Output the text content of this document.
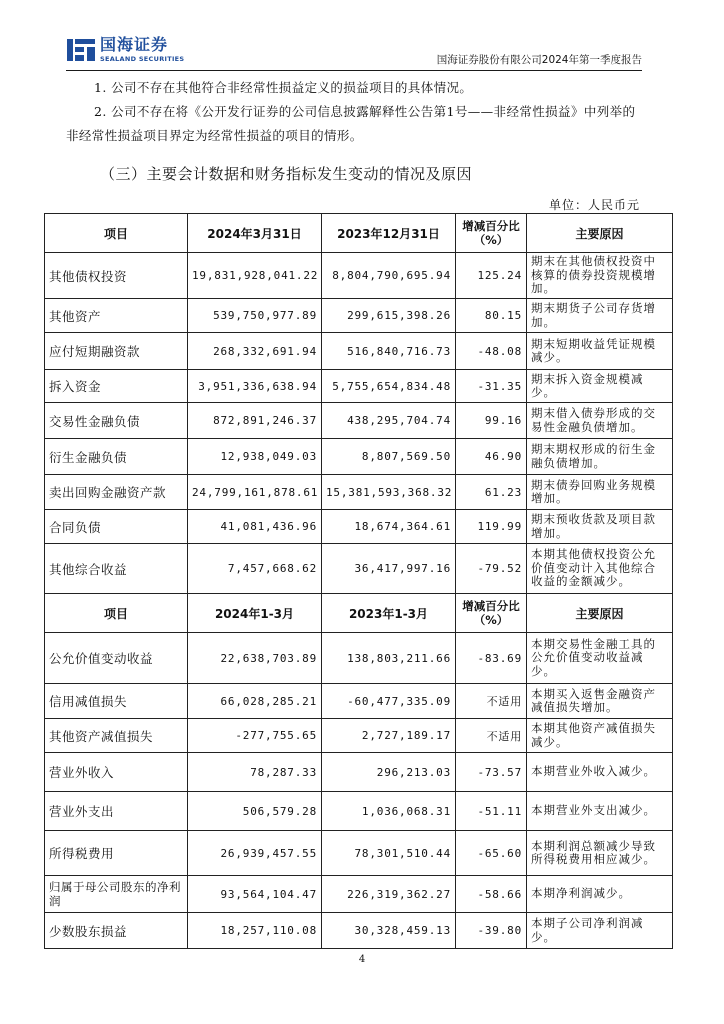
国海证券
SEALAND SECURITIES	国海证券股份有限公司2024年第一季度报告
1. 公司不存在其他符合非经常性损益定义的损益项目的具体情况。
2. 公司不存在将《公开发行证券的公司信息披露解释性公告第1号——非经常性损益》中列举的非经常性损益项目界定为经常性损益的项目的情形。
（三）主要会计数据和财务指标发生变动的情况及原因
单位：人民币元
项目	2024年3月31日	2023年12月31日	增减百分比（%）	主要原因
其他债权投资	19,831,928,041.22	8,804,790,695.94	125.24	期末在其他债权投资中核算的债券投资规模增加。
其他资产	539,750,977.89	299,615,398.26	80.15	期末期货子公司存货增加。
应付短期融资款	268,332,691.94	516,840,716.73	-48.08	期末短期收益凭证规模减少。
拆入资金	3,951,336,638.94	5,755,654,834.48	-31.35	期末拆入资金规模减少。
交易性金融负债	872,891,246.37	438,295,704.74	99.16	期末借入债券形成的交易性金融负债增加。
衍生金融负债	12,938,049.03	8,807,569.50	46.90	期末期权形成的衍生金融负债增加。
卖出回购金融资产款	24,799,161,878.61	15,381,593,368.32	61.23	期末债券回购业务规模增加。
合同负债	41,081,436.96	18,674,364.61	119.99	期末预收货款及项目款增加。
其他综合收益	7,457,668.62	36,417,997.16	-79.52	本期其他债权投资公允价值变动计入其他综合收益的金额减少。
项目	2024年1-3月	2023年1-3月	增减百分比（%）	主要原因
公允价值变动收益	22,638,703.89	138,803,211.66	-83.69	本期交易性金融工具的公允价值变动收益减少。
信用减值损失	66,028,285.21	-60,477,335.09	不适用	本期买入返售金融资产减值损失增加。
其他资产减值损失	-277,755.65	2,727,189.17	不适用	本期其他资产减值损失减少。
营业外收入	78,287.33	296,213.03	-73.57	本期营业外收入减少。
营业外支出	506,579.28	1,036,068.31	-51.11	本期营业外支出减少。
所得税费用	26,939,457.55	78,301,510.44	-65.60	本期利润总额减少导致所得税费用相应减少。
归属于母公司股东的净利润	93,564,104.47	226,319,362.27	-58.66	本期净利润减少。
少数股东损益	18,257,110.08	30,328,459.13	-39.80	本期子公司净利润减少。
4
